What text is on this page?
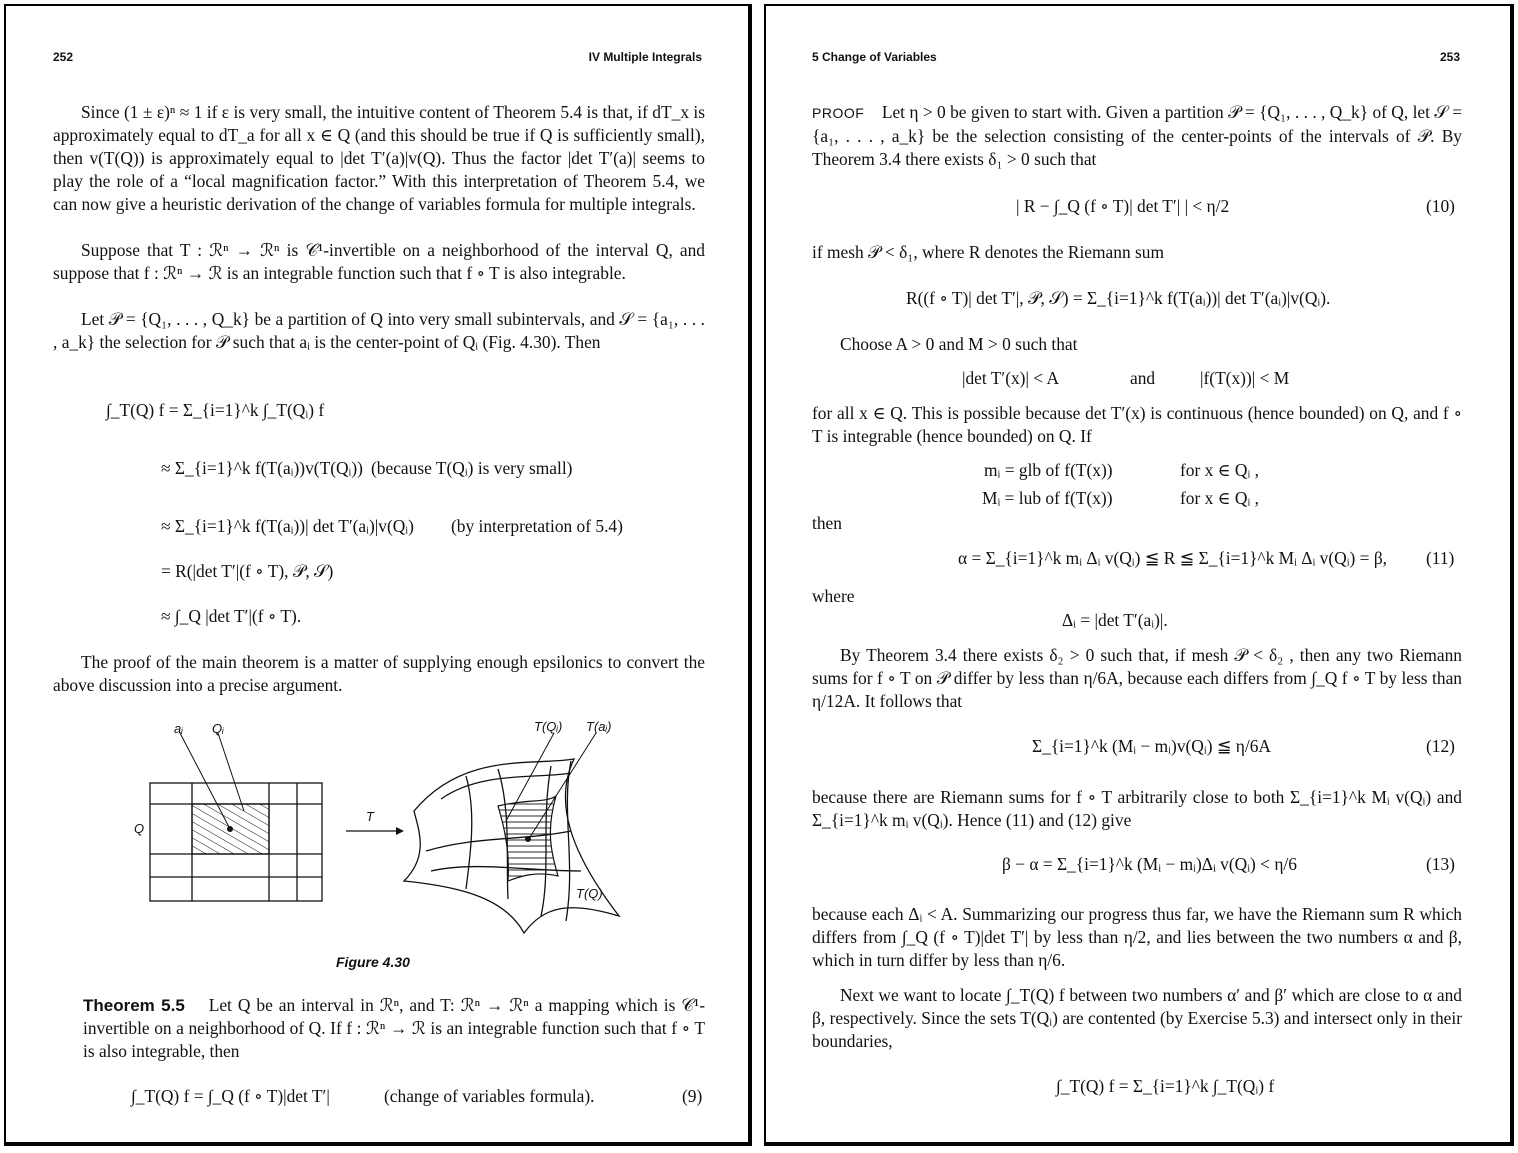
252	IV Multiple Integrals

Since (1 ± ε)ⁿ ≈ 1 if ε is very small, the intuitive content of Theorem 5.4 is that, if dT_x is approximately equal to dT_a for all x ∈ Q (and this should be true if Q is sufficiently small), then v(T(Q)) is approximately equal to |det T′(a)|v(Q). Thus the factor |det T′(a)| seems to play the role of a “local magnification factor.” With this interpretation of Theorem 5.4, we can now give a heuristic derivation of the change of variables formula for multiple integrals.

Suppose that T : ℛⁿ → ℛⁿ is 𝒞¹-invertible on a neighborhood of the interval Q, and suppose that f : ℛⁿ → ℛ is an integrable function such that f ∘ T is also integrable.

Let 𝒫 = {Q₁, . . . , Q_k} be a partition of Q into very small subintervals, and 𝒮 = {a₁, . . . , a_k} the selection for 𝒫 such that aᵢ is the center-point of Qᵢ (Fig. 4.30). Then

∫_T(Q) f = Σ_{i=1}^k ∫_T(Qᵢ) f
≈ Σ_{i=1}^k f(T(aᵢ))v(T(Qᵢ)) (because T(Qᵢ) is very small)
≈ Σ_{i=1}^k f(T(aᵢ))| det T′(aᵢ)|v(Qᵢ) (by interpretation of 5.4)
= R(|det T′|(f ∘ T), 𝒫, 𝒮)
≈ ∫_Q |det T′|(f ∘ T).

The proof of the main theorem is a matter of supplying enough epsilonics to convert the above discussion into a precise argument.

aᵢ Qᵢ
Q
T
T(Qᵢ) T(aᵢ)
T(Q)
Figure 4.30

Theorem 5.5 Let Q be an interval in ℛⁿ, and T: ℛⁿ → ℛⁿ a mapping which is 𝒞¹-invertible on a neighborhood of Q. If f : ℛⁿ → ℛ is an integrable function such that f ∘ T is also integrable, then

∫_T(Q) f = ∫_Q (f ∘ T)|det T′|	(change of variables formula).	(9)
5 Change of Variables	253

PROOF Let η > 0 be given to start with. Given a partition 𝒫 = {Q₁, . . . , Q_k} of Q, let 𝒮 = {a₁, . . . , a_k} be the selection consisting of the center-points of the intervals of 𝒫. By Theorem 3.4 there exists δ₁ > 0 such that

| R − ∫_Q (f ∘ T)| det T′| | < η/2	(10)
if mesh 𝒫 < δ₁, where R denotes the Riemann sum
R((f ∘ T)| det T′|, 𝒫, 𝒮) = Σ_{i=1}^k f(T(aᵢ))| det T′(aᵢ)|v(Qᵢ).
Choose A > 0 and M > 0 such that
|det T′(x)| < A	and	|f(T(x))| < M

for all x ∈ Q. This is possible because det T′(x) is continuous (hence bounded) on Q, and f ∘ T is integrable (hence bounded) on Q. If

mᵢ = glb of f(T(x))	for x ∈ Qᵢ ,
Mᵢ = lub of f(T(x))	for x ∈ Qᵢ ,
then
α = Σ_{i=1}^k mᵢ Δᵢ v(Qᵢ) ≦ R ≦ Σ_{i=1}^k Mᵢ Δᵢ v(Qᵢ) = β, (11)
where
Δᵢ = |det T′(aᵢ)|.

By Theorem 3.4 there exists δ₂ > 0 such that, if mesh 𝒫 < δ₂ , then any two Riemann sums for f ∘ T on 𝒫 differ by less than η/6A, because each differs from ∫_Q f ∘ T by less than η/12A. It follows that

Σ_{i=1}^k (Mᵢ − mᵢ)v(Qᵢ) ≦ η/6A	(12)

because there are Riemann sums for f ∘ T arbitrarily close to both Σ_{i=1}^k Mᵢ v(Qᵢ) and Σ_{i=1}^k mᵢ v(Qᵢ). Hence (11) and (12) give

β − α = Σ_{i=1}^k (Mᵢ − mᵢ)Δᵢ v(Qᵢ) < η/6	(13)

because each Δᵢ < A. Summarizing our progress thus far, we have the Riemann sum R which differs from ∫_Q (f ∘ T)|det T′| by less than η/2, and lies between the two numbers α and β, which in turn differ by less than η/6.

Next we want to locate ∫_T(Q) f between two numbers α′ and β′ which are close to α and β, respectively. Since the sets T(Qᵢ) are contented (by Exercise 5.3) and intersect only in their boundaries,

∫_T(Q) f = Σ_{i=1}^k ∫_T(Qᵢ) f
